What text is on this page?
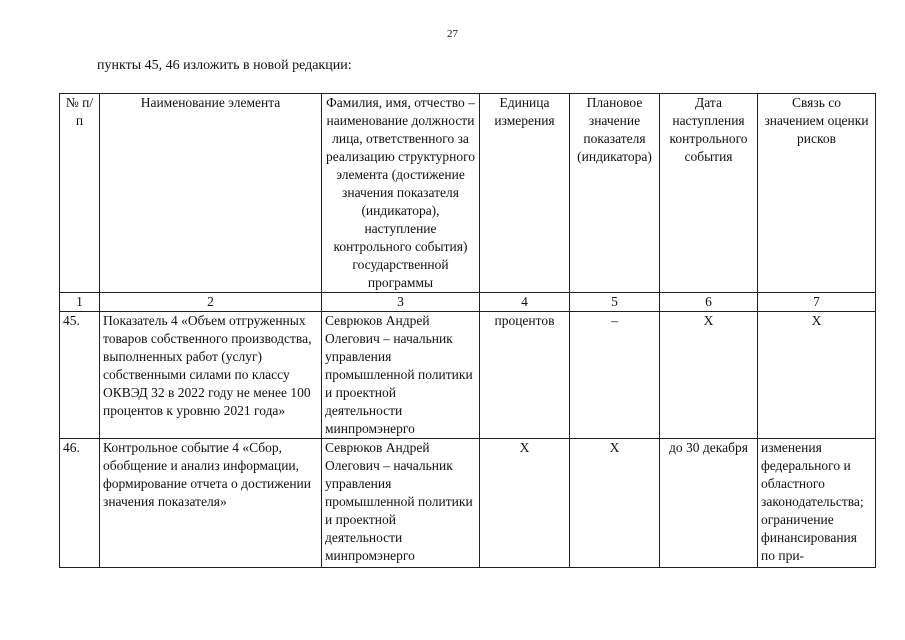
27
пункты 45, 46 изложить в новой редакции:
№ п/п	Наименование элемента	Фамилия, имя, отчество – наименование должности лица, ответственного за реализацию структурного элемента (достижение значения показателя (индикатора), наступление контрольного события) государственной программы	Единица измерения	Плановое значение показателя (индикатора)	Дата наступления контрольного события	Связь со значением оценки рисков
1	2	3	4	5	6	7
45.	Показатель 4 «Объем отгруженных товаров собственного производства, выполненных работ (услуг) собственными силами по классу ОКВЭД 32 в 2022 году не менее 100 процентов к уровню 2021 года»	Севрюков Андрей Олегович – начальник управления промышленной политики и проектной деятельности минпромэнерго	процентов	–	Х	Х
46.	Контрольное событие 4 «Сбор, обобщение и анализ информации, формирование отчета о достижении значения показателя»	Севрюков Андрей Олегович – начальник управления промышленной политики и проектной деятельности минпромэнерго	Х	Х	до 30 декабря	изменения федерального и областного законодательства; ограничение финансирования по при-
